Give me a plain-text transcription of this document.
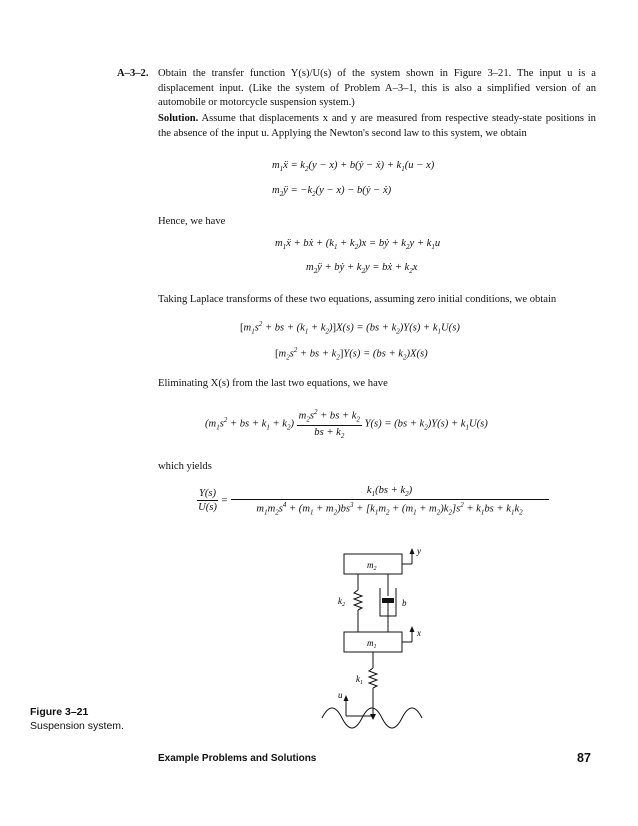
A–3–2. Obtain the transfer function Y(s)/U(s) of the system shown in Figure 3–21. The input u is a displacement input. (Like the system of Problem A–3–1, this is also a simplified version of an automobile or motorcycle suspension system.)
Solution. Assume that displacements x and y are measured from respective steady-state positions in the absence of the input u. Applying the Newton's second law to this system, we obtain
$m_1ẍ = k_2(y - x)$ + b(ẏ − ẋ) + $k_1(u - x)$
$m_2ÿ = -k_2(y - x)$ − b(ẏ − ẋ)
Hence, we have
$m_1ẍ$ + bẋ + $(k_1 + k_2)x$ = bẏ + $k_2y + k_1u$
$m_2ÿ$ + bẏ + $k_2y$ = bẋ + $k_2x$
Taking Laplace transforms of these two equations, assuming zero initial conditions, we obtain
[$m_1s^2$ + bs + $(k_1 + k_2)]X(s) = (bs + k_2)Y(s) + k_1U(s)$
[$m_2s^2$ + bs + $k_2]Y(s) = (bs + k_2)X(s)$
Eliminating X(s) from the last two equations, we have
($m_1s^2$ + bs + $k_1 + k_2) \frac{m_2s^2 + bs + k_2}{bs + k_2} Y(s) = (bs + k_2)Y(s) + k_1U(s)$
which yields
$\frac{Y(s)}{U(s)} = \frac{k_1(bs + k_2)}{m_1m_2s^4 + (m_1 + m_2)bs^3 + [k_1m_2 + (m_1 + m_2)k_2]s^2 + k_1bs + k_1k_2}$
$m_2$
y
$k_2$	b
$m_1$
x
$k_1$
u
Figure 3–21
Suspension system.
Example Problems and Solutions	87
